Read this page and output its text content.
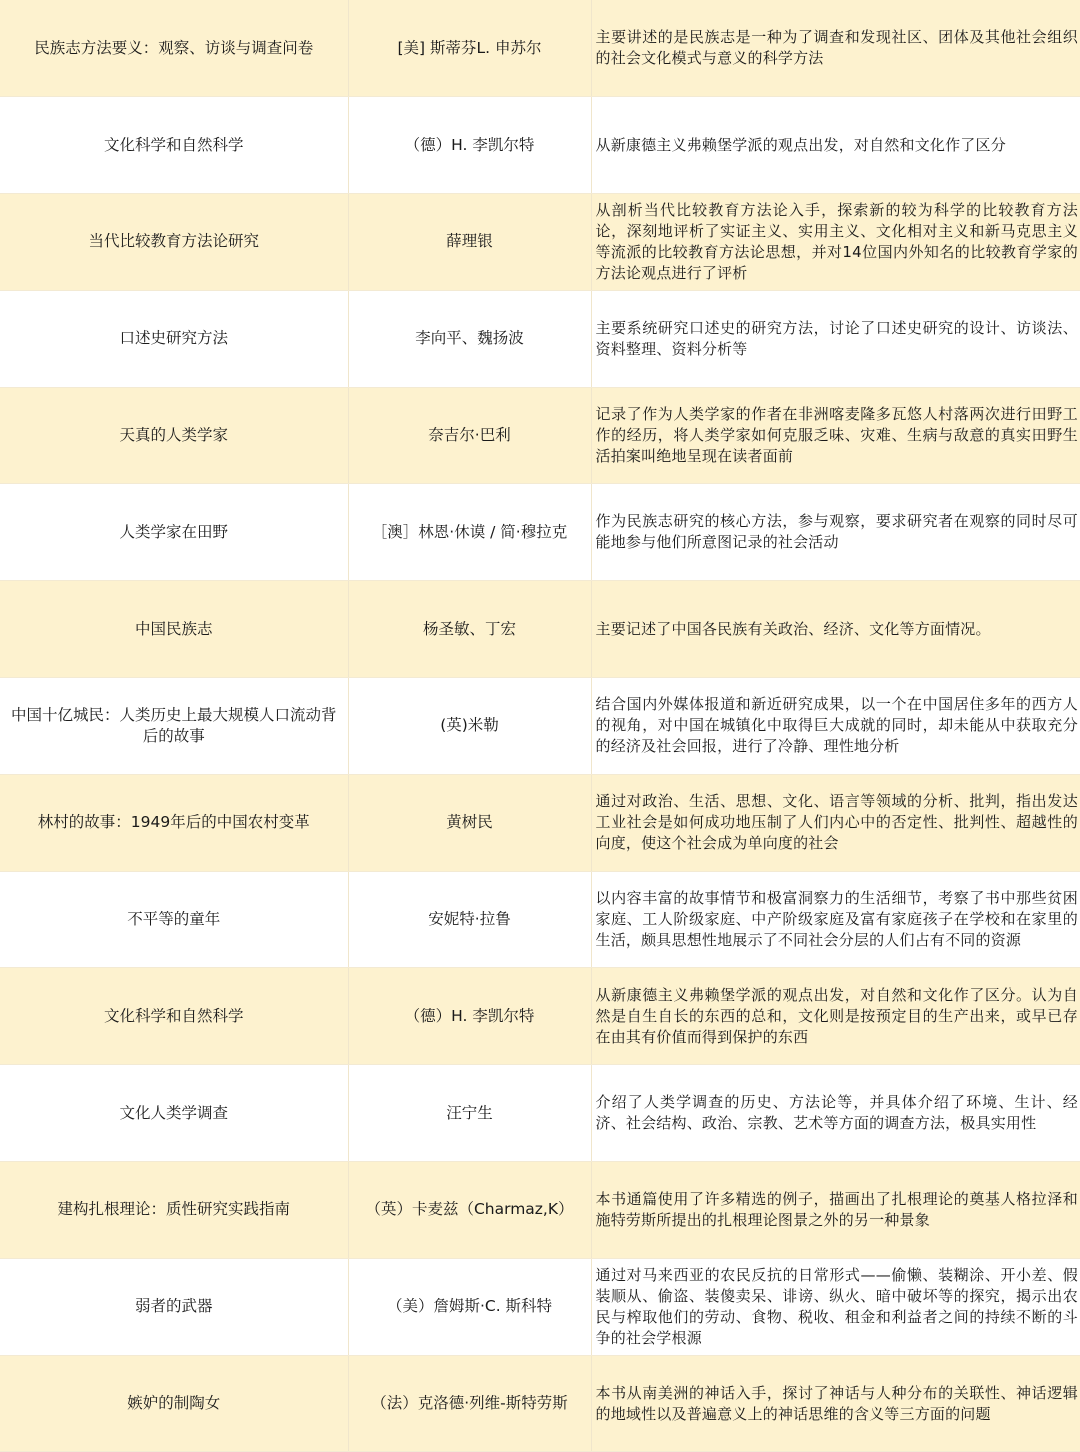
民族志方法要义：观察、访谈与调查问卷	[美] 斯蒂芬L. 申苏尔	主要讲述的是民族志是一种为了调查和发现社区、团体及其他社会组织的社会文化模式与意义的科学方法
文化科学和自然科学	（德）H. 李凯尔特	从新康德主义弗赖堡学派的观点出发，对自然和文化作了区分
当代比较教育方法论研究	薛理银	从剖析当代比较教育方法论入手，探索新的较为科学的比较教育方法论，深刻地评析了实证主义、实用主义、文化相对主义和新马克思主义等流派的比较教育方法论思想，并对14位国内外知名的比较教育学家的方法论观点进行了评析
口述史研究方法	李向平、魏扬波	主要系统研究口述史的研究方法，讨论了口述史研究的设计、访谈法、资料整理、资料分析等
天真的人类学家	奈吉尔·巴利	记录了作为人类学家的作者在非洲喀麦隆多瓦悠人村落两次进行田野工作的经历，将人类学家如何克服乏味、灾难、生病与敌意的真实田野生活拍案叫绝地呈现在读者面前
人类学家在田野	［澳］林恩·休谟 / 简·穆拉克	作为民族志研究的核心方法，参与观察，要求研究者在观察的同时尽可能地参与他们所意图记录的社会活动
中国民族志	杨圣敏、丁宏	主要记述了中国各民族有关政治、经济、文化等方面情况。
中国十亿城民：人类历史上最大规模人口流动背后的故事	(英)米勒	结合国内外媒体报道和新近研究成果，以一个在中国居住多年的西方人的视角，对中国在城镇化中取得巨大成就的同时，却未能从中获取充分的经济及社会回报，进行了冷静、理性地分析
林村的故事：1949年后的中国农村变革	黄树民	通过对政治、生活、思想、文化、语言等领域的分析、批判，指出发达工业社会是如何成功地压制了人们内心中的否定性、批判性、超越性的向度，使这个社会成为单向度的社会
不平等的童年	安妮特·拉鲁	以内容丰富的故事情节和极富洞察力的生活细节，考察了书中那些贫困家庭、工人阶级家庭、中产阶级家庭及富有家庭孩子在学校和在家里的生活，颇具思想性地展示了不同社会分层的人们占有不同的资源
文化科学和自然科学	（德）H. 李凯尔特	从新康德主义弗赖堡学派的观点出发，对自然和文化作了区分。认为自然是自生自长的东西的总和，文化则是按预定目的生产出来，或早已存在由其有价值而得到保护的东西
文化人类学调查	汪宁生	介绍了人类学调查的历史、方法论等，并具体介绍了环境、生计、经济、社会结构、政治、宗教、艺术等方面的调查方法，极具实用性
建构扎根理论：质性研究实践指南	（英）卡麦兹（Charmaz,K）	本书通篇使用了许多精选的例子，描画出了扎根理论的奠基人格拉泽和施特劳斯所提出的扎根理论图景之外的另一种景象
弱者的武器	（美）詹姆斯·C. 斯科特	通过对马来西亚的农民反抗的日常形式——偷懒、装糊涂、开小差、假装顺从、偷盗、装傻卖呆、诽谤、纵火、暗中破坏等的探究，揭示出农民与榨取他们的劳动、食物、税收、租金和利益者之间的持续不断的斗争的社会学根源
嫉妒的制陶女	（法）克洛德·列维-斯特劳斯	本书从南美洲的神话入手，探讨了神话与人种分布的关联性、神话逻辑的地域性以及普遍意义上的神话思维的含义等三方面的问题
